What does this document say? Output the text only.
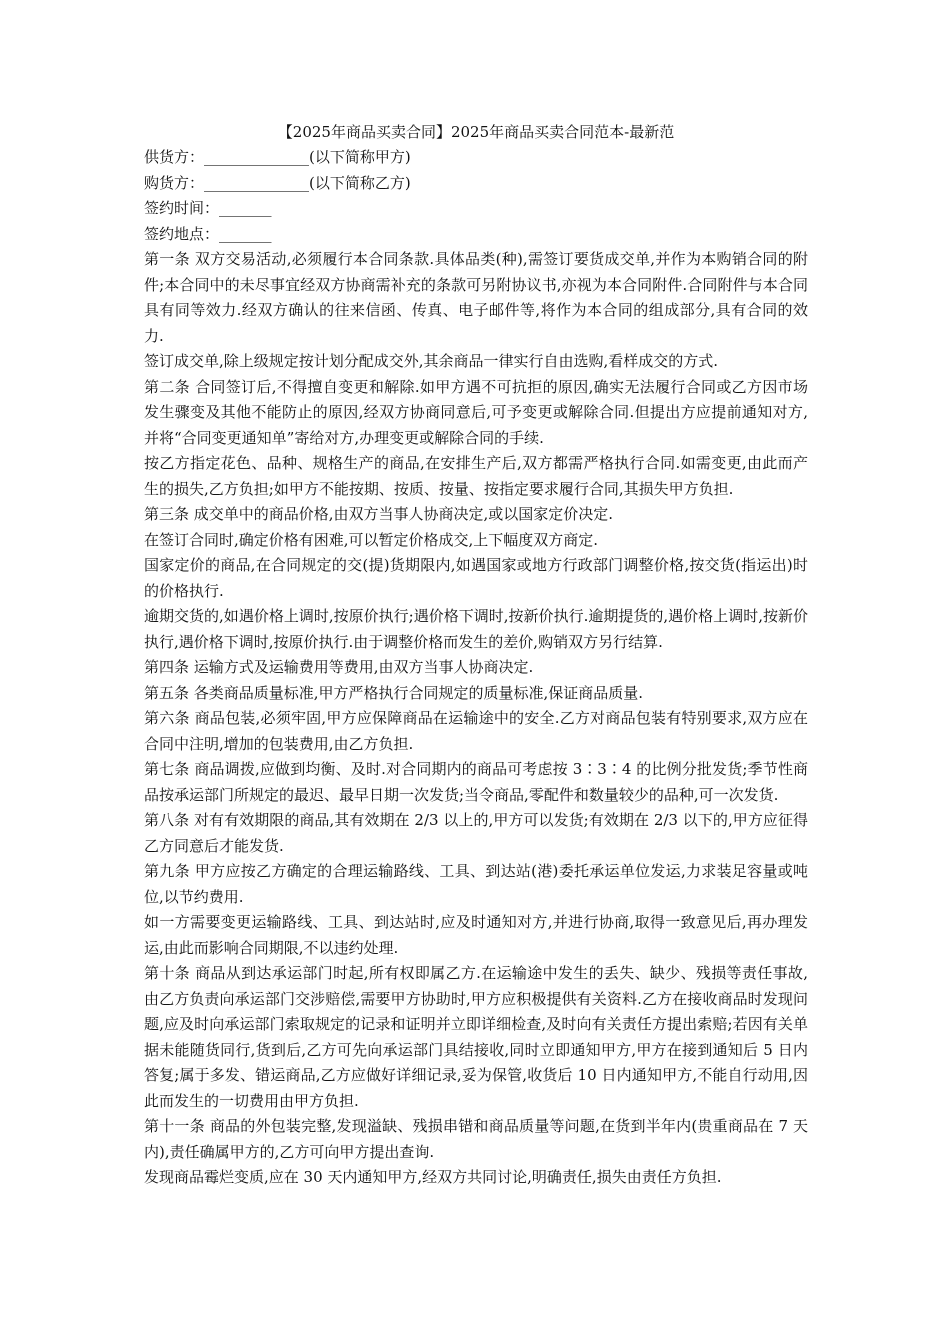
【2025年商品买卖合同】2025年商品买卖合同范本-最新范
供货方：______________(以下简称甲方)
购货方：______________(以下简称乙方)
签约时间：_______
签约地点：_______

第一条 双方交易活动,必须履行本合同条款.具体品类(种),需签订要货成交单,并作为本购销合同的附件;本合同中的未尽事宜经双方协商需补充的条款可另附协议书,亦视为本合同附件.合同附件与本合同具有同等效力.经双方确认的往来信函、传真、电子邮件等,将作为本合同的组成部分,具有合同的效力.

签订成交单,除上级规定按计划分配成交外,其余商品一律实行自由选购,看样成交的方式.

第二条 合同签订后,不得擅自变更和解除.如甲方遇不可抗拒的原因,确实无法履行合同或乙方因市场发生骤变及其他不能防止的原因,经双方协商同意后,可予变更或解除合同.但提出方应提前通知对方,并将“合同变更通知单”寄给对方,办理变更或解除合同的手续.

按乙方指定花色、品种、规格生产的商品,在安排生产后,双方都需严格执行合同.如需变更,由此而产生的损失,乙方负担;如甲方不能按期、按质、按量、按指定要求履行合同,其损失甲方负担.

第三条 成交单中的商品价格,由双方当事人协商决定,或以国家定价决定.

在签订合同时,确定价格有困难,可以暂定价格成交,上下幅度双方商定.

国家定价的商品,在合同规定的交(提)货期限内,如遇国家或地方行政部门调整价格,按交货(指运出)时的价格执行.

逾期交货的,如遇价格上调时,按原价执行;遇价格下调时,按新价执行.逾期提货的,遇价格上调时,按新价执行,遇价格下调时,按原价执行.由于调整价格而发生的差价,购销双方另行结算.

第四条 运输方式及运输费用等费用,由双方当事人协商决定.

第五条 各类商品质量标准,甲方严格执行合同规定的质量标准,保证商品质量.

第六条 商品包装,必须牢固,甲方应保障商品在运输途中的安全.乙方对商品包装有特别要求,双方应在合同中注明,增加的包装费用,由乙方负担.

第七条 商品调拨,应做到均衡、及时.对合同期内的商品可考虑按 3∶3∶4 的比例分批发货;季节性商品按承运部门所规定的最迟、最早日期一次发货;当令商品,零配件和数量较少的品种,可一次发货.

第八条 对有有效期限的商品,其有效期在 2/3 以上的,甲方可以发货;有效期在 2/3 以下的,甲方应征得乙方同意后才能发货.

第九条 甲方应按乙方确定的合理运输路线、工具、到达站(港)委托承运单位发运,力求装足容量或吨位,以节约费用.

如一方需要变更运输路线、工具、到达站时,应及时通知对方,并进行协商,取得一致意见后,再办理发运,由此而影响合同期限,不以违约处理.

第十条 商品从到达承运部门时起,所有权即属乙方.在运输途中发生的丢失、缺少、残损等责任事故,由乙方负责向承运部门交涉赔偿,需要甲方协助时,甲方应积极提供有关资料.乙方在接收商品时发现问题,应及时向承运部门索取规定的记录和证明并立即详细检查,及时向有关责任方提出索赔;若因有关单据未能随货同行,货到后,乙方可先向承运部门具结接收,同时立即通知甲方,甲方在接到通知后 5 日内答复;属于多发、错运商品,乙方应做好详细记录,妥为保管,收货后 10 日内通知甲方,不能自行动用,因此而发生的一切费用由甲方负担.

第十一条 商品的外包装完整,发现溢缺、残损串错和商品质量等问题,在货到半年内(贵重商品在 7 天内),责任确属甲方的,乙方可向甲方提出查询.

发现商品霉烂变质,应在 30 天内通知甲方,经双方共同讨论,明确责任,损失由责任方负担.
